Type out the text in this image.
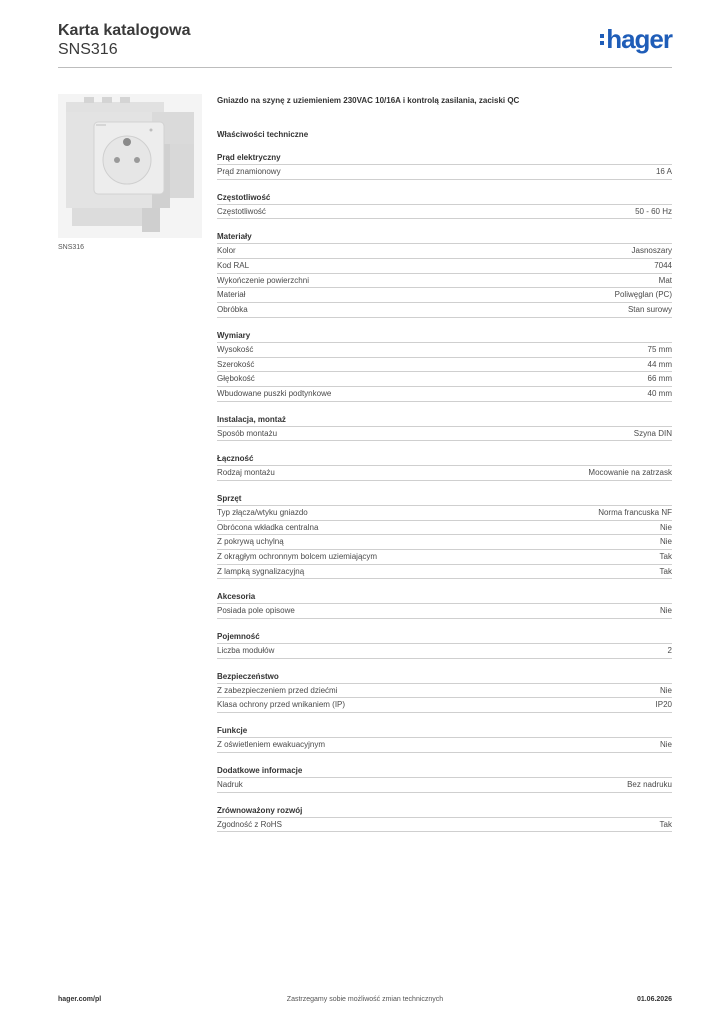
Karta katalogowa
SNS316	hager
SNS316
Gniazdo na szynę z uziemieniem 230VAC 10/16A i kontrolą zasilania, zaciski QC
Właściwości techniczne
Prąd elektryczny
Prąd znamionowy	16 A
Częstotliwość
Częstotliwość	50 - 60 Hz
Materiały
Kolor	Jasnoszary
Kod RAL	7044
Wykończenie powierzchni	Mat
Materiał	Poliwęglan (PC)
Obróbka	Stan surowy
Wymiary
Wysokość	75 mm
Szerokość	44 mm
Głębokość	66 mm
Wbudowane puszki podtynkowe	40 mm
Instalacja, montaż
Sposób montażu	Szyna DIN
Łączność
Rodzaj montażu	Mocowanie na zatrzask
Sprzęt
Typ złącza/wtyku gniazdo	Norma francuska NF
Obrócona wkładka centralna	Nie
Z pokrywą uchylną	Nie
Z okrągłym ochronnym bolcem uziemiającym	Tak
Z lampką sygnalizacyjną	Tak
Akcesoria
Posiada pole opisowe	Nie
Pojemność
Liczba modułów	2
Bezpieczeństwo
Z zabezpieczeniem przed dziećmi	Nie
Klasa ochrony przed wnikaniem (IP)	IP20
Funkcje
Z oświetleniem ewakuacyjnym	Nie
Dodatkowe informacje
Nadruk	Bez nadruku
Zrównoważony rozwój
Zgodność z RoHS	Tak
hager.com/pl	Zastrzegamy sobie możliwość zmian technicznych	01.06.2026
